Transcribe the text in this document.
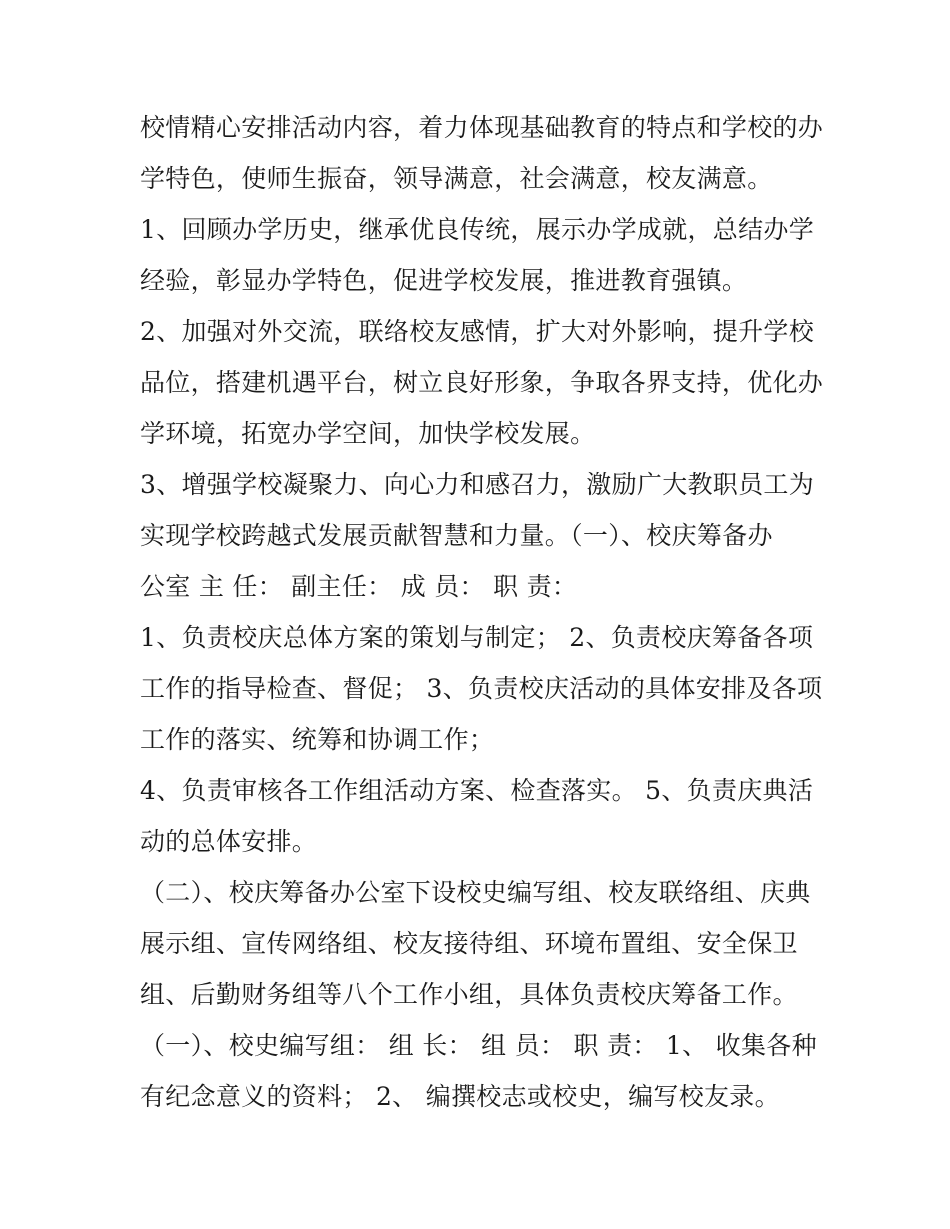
校情精心安排活动内容，着力体现基础教育的特点和学校的办
学特色，使师生振奋，领导满意，社会满意，校友满意。
1、回顾办学历史，继承优良传统，展示办学成就，总结办学
经验，彰显办学特色，促进学校发展，推进教育强镇。
2、加强对外交流，联络校友感情，扩大对外影响，提升学校
品位，搭建机遇平台，树立良好形象，争取各界支持，优化办
学环境，拓宽办学空间，加快学校发展。
3、增强学校凝聚力、向心力和感召力，激励广大教职员工为
实现学校跨越式发展贡献智慧和力量。（一）、校庆筹备办
公室 主 任： 副主任： 成 员： 职 责：
1、负责校庆总体方案的策划与制定； 2、负责校庆筹备各项
工作的指导检查、督促； 3、负责校庆活动的具体安排及各项
工作的落实、统筹和协调工作；
4、负责审核各工作组活动方案、检查落实。 5、负责庆典活
动的总体安排。
（二）、校庆筹备办公室下设校史编写组、校友联络组、庆典
展示组、宣传网络组、校友接待组、环境布置组、安全保卫
组、后勤财务组等八个工作小组，具体负责校庆筹备工作。
（一）、校史编写组： 组 长： 组 员： 职 责： 1、 收集各种
有纪念意义的资料； 2、 编撰校志或校史，编写校友录。
